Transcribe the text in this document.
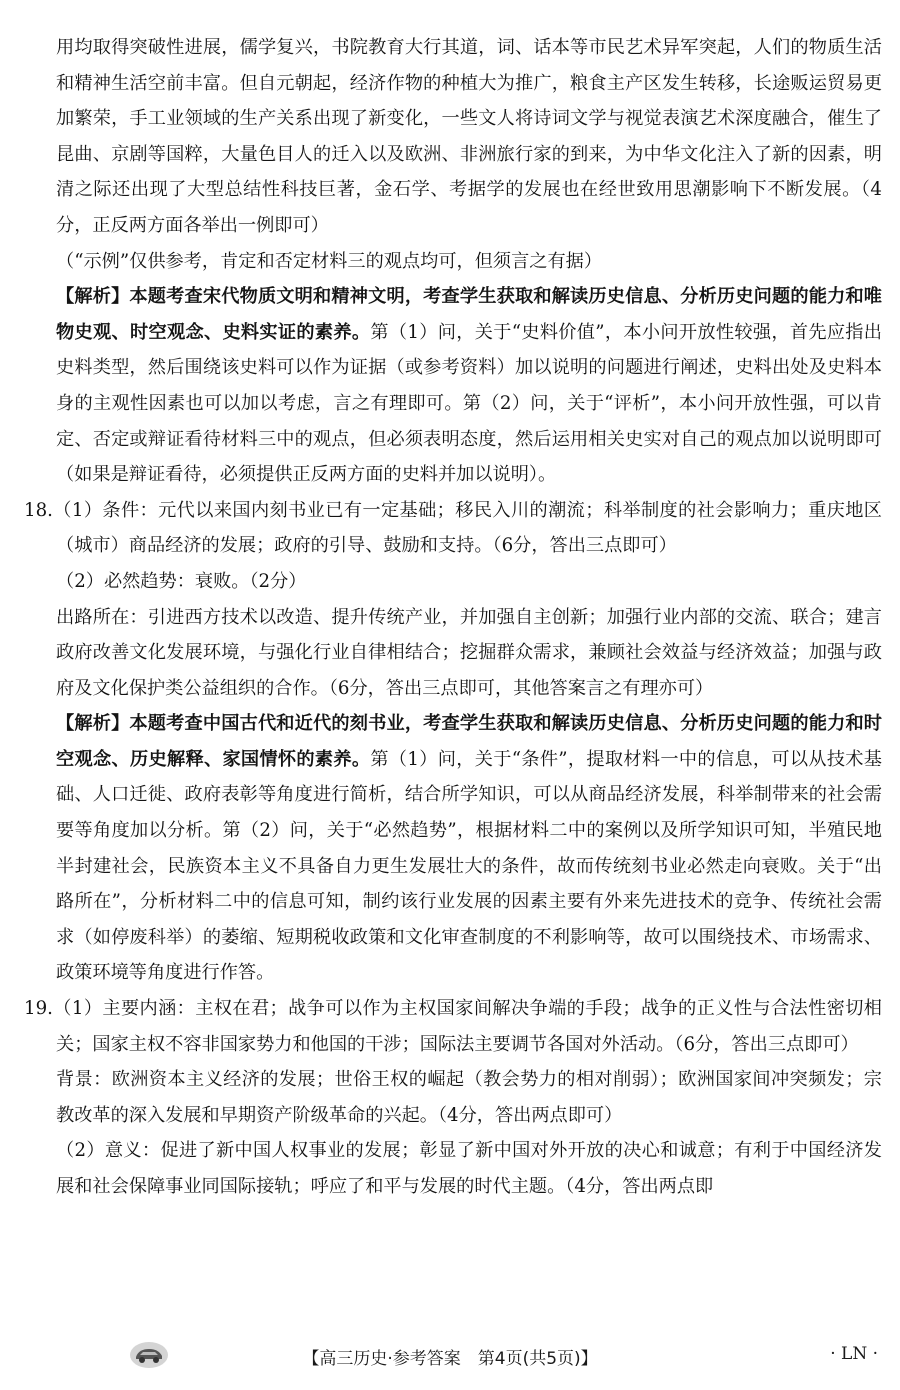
用均取得突破性进展，儒学复兴，书院教育大行其道，词、话本等市民艺术异军突起，人们的物质生活和精神生活空前丰富。但自元朝起，经济作物的种植大为推广，粮食主产区发生转移，长途贩运贸易更加繁荣，手工业领域的生产关系出现了新变化，一些文人将诗词文学与视觉表演艺术深度融合，催生了昆曲、京剧等国粹，大量色目人的迁入以及欧洲、非洲旅行家的到来，为中华文化注入了新的因素，明清之际还出现了大型总结性科技巨著，金石学、考据学的发展也在经世致用思潮影响下不断发展。（4分，正反两方面各举出一例即可）

（“示例”仅供参考，肯定和否定材料三的观点均可，但须言之有据）

【解析】本题考查宋代物质文明和精神文明，考查学生获取和解读历史信息、分析历史问题的能力和唯物史观、时空观念、史料实证的素养。第（1）问，关于“史料价值”，本小问开放性较强，首先应指出史料类型，然后围绕该史料可以作为证据（或参考资料）加以说明的问题进行阐述，史料出处及史料本身的主观性因素也可以加以考虑，言之有理即可。第（2）问，关于“评析”，本小问开放性强，可以肯定、否定或辩证看待材料三中的观点，但必须表明态度，然后运用相关史实对自己的观点加以说明即可（如果是辩证看待，必须提供正反两方面的史料并加以说明）。

18.（1）条件：元代以来国内刻书业已有一定基础；移民入川的潮流；科举制度的社会影响力；重庆地区（城市）商品经济的发展；政府的引导、鼓励和支持。（6分，答出三点即可）

（2）必然趋势：衰败。（2分）

出路所在：引进西方技术以改造、提升传统产业，并加强自主创新；加强行业内部的交流、联合；建言政府改善文化发展环境，与强化行业自律相结合；挖掘群众需求，兼顾社会效益与经济效益；加强与政府及文化保护类公益组织的合作。（6分，答出三点即可，其他答案言之有理亦可）

【解析】本题考查中国古代和近代的刻书业，考查学生获取和解读历史信息、分析历史问题的能力和时空观念、历史解释、家国情怀的素养。第（1）问，关于“条件”，提取材料一中的信息，可以从技术基础、人口迁徙、政府表彰等角度进行简析，结合所学知识，可以从商品经济发展，科举制带来的社会需要等角度加以分析。第（2）问，关于“必然趋势”，根据材料二中的案例以及所学知识可知，半殖民地半封建社会，民族资本主义不具备自力更生发展壮大的条件，故而传统刻书业必然走向衰败。关于“出路所在”，分析材料二中的信息可知，制约该行业发展的因素主要有外来先进技术的竞争、传统社会需求（如停废科举）的萎缩、短期税收政策和文化审查制度的不利影响等，故可以围绕技术、市场需求、政策环境等角度进行作答。

19.（1）主要内涵：主权在君；战争可以作为主权国家间解决争端的手段；战争的正义性与合法性密切相关；国家主权不容非国家势力和他国的干涉；国际法主要调节各国对外活动。（6分，答出三点即可）

背景：欧洲资本主义经济的发展；世俗王权的崛起（教会势力的相对削弱）；欧洲国家间冲突频发；宗教改革的深入发展和早期资产阶级革命的兴起。（4分，答出两点即可）

（2）意义：促进了新中国人权事业的发展；彰显了新中国对外开放的决心和诚意；有利于中国经济发展和社会保障事业同国际接轨；呼应了和平与发展的时代主题。（4分，答出两点即

【高三历史·参考答案　第4页(共5页)】	· LN ·
